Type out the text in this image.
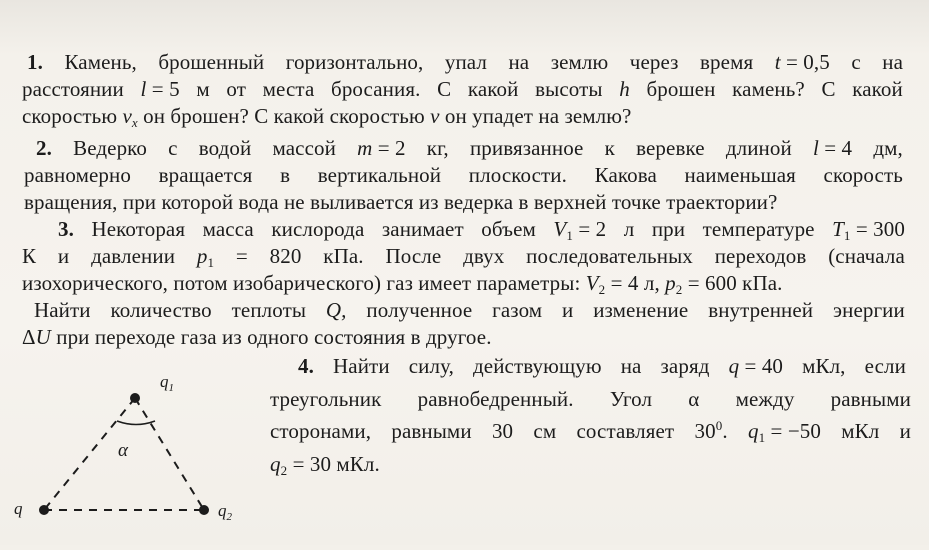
1. Камень, брошенный горизонтально, упал на землю через время t = 0,5 с на
расстоянии l = 5 м от места бросания. С какой высоты h брошен камень? С какой
скоростью $v_x$ он брошен? С какой скоростью v он упадет на землю?
2. Ведерко с водой массой m = 2 кг, привязанное к веревке длиной l = 4 дм,
равномерно вращается в вертикальной плоскости. Какова наименьшая скорость
вращения, при которой вода не выливается из ведерка в верхней точке траектории?
3. Некоторая масса кислорода занимает объем $V_1 = 2$ л при температуре $T_1 = 300$
К и давлении $p_1 = 820$ кПа. После двух последовательных переходов (сначала
изохорического, потом изобарического) газ имеет параметры: $V_2 = 4$ л, $p_2 = 600$ кПа.
Найти количество теплоты Q, полученное газом и изменение внутренней энергии
ΔU при переходе газа из одного состояния в другое.
4. Найти силу, действующую на заряд q = 40 мКл, если
треугольник равнобедренный. Угол α между равными
сторонами, равными 30 см составляет $30^0$. $q_1 = -50$ мКл и
$q_2 = 30$ мКл.
$q_1$
q	$q_2$
α
